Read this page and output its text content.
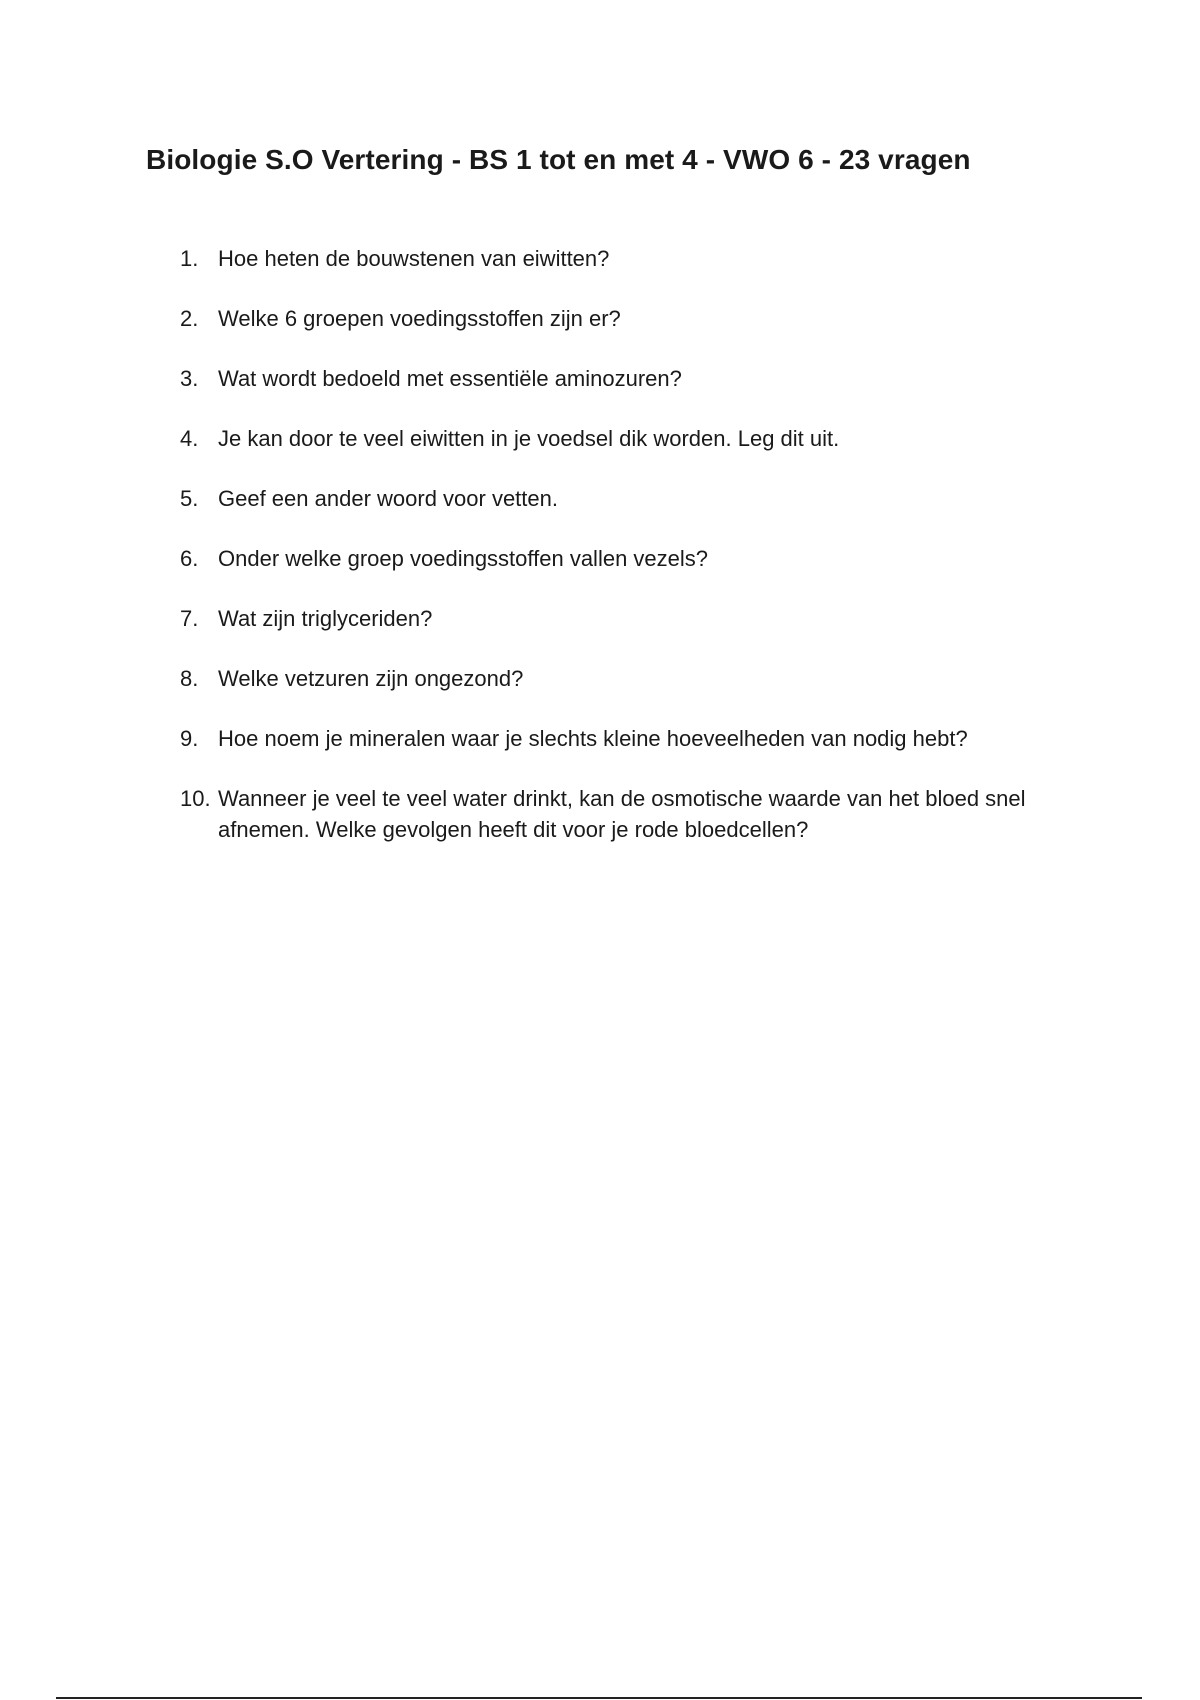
Biologie S.O Vertering - BS 1 tot en met 4 - VWO 6 - 23 vragen
1. Hoe heten de bouwstenen van eiwitten?
2. Welke 6 groepen voedingsstoffen zijn er?
3. Wat wordt bedoeld met essentiële aminozuren?
4. Je kan door te veel eiwitten in je voedsel dik worden. Leg dit uit.
5. Geef een ander woord voor vetten.
6. Onder welke groep voedingsstoffen vallen vezels?
7. Wat zijn triglyceriden?
8. Welke vetzuren zijn ongezond?
9. Hoe noem je mineralen waar je slechts kleine hoeveelheden van nodig hebt?
10. Wanneer je veel te veel water drinkt, kan de osmotische waarde van het bloed snel afnemen. Welke gevolgen heeft dit voor je rode bloedcellen?
